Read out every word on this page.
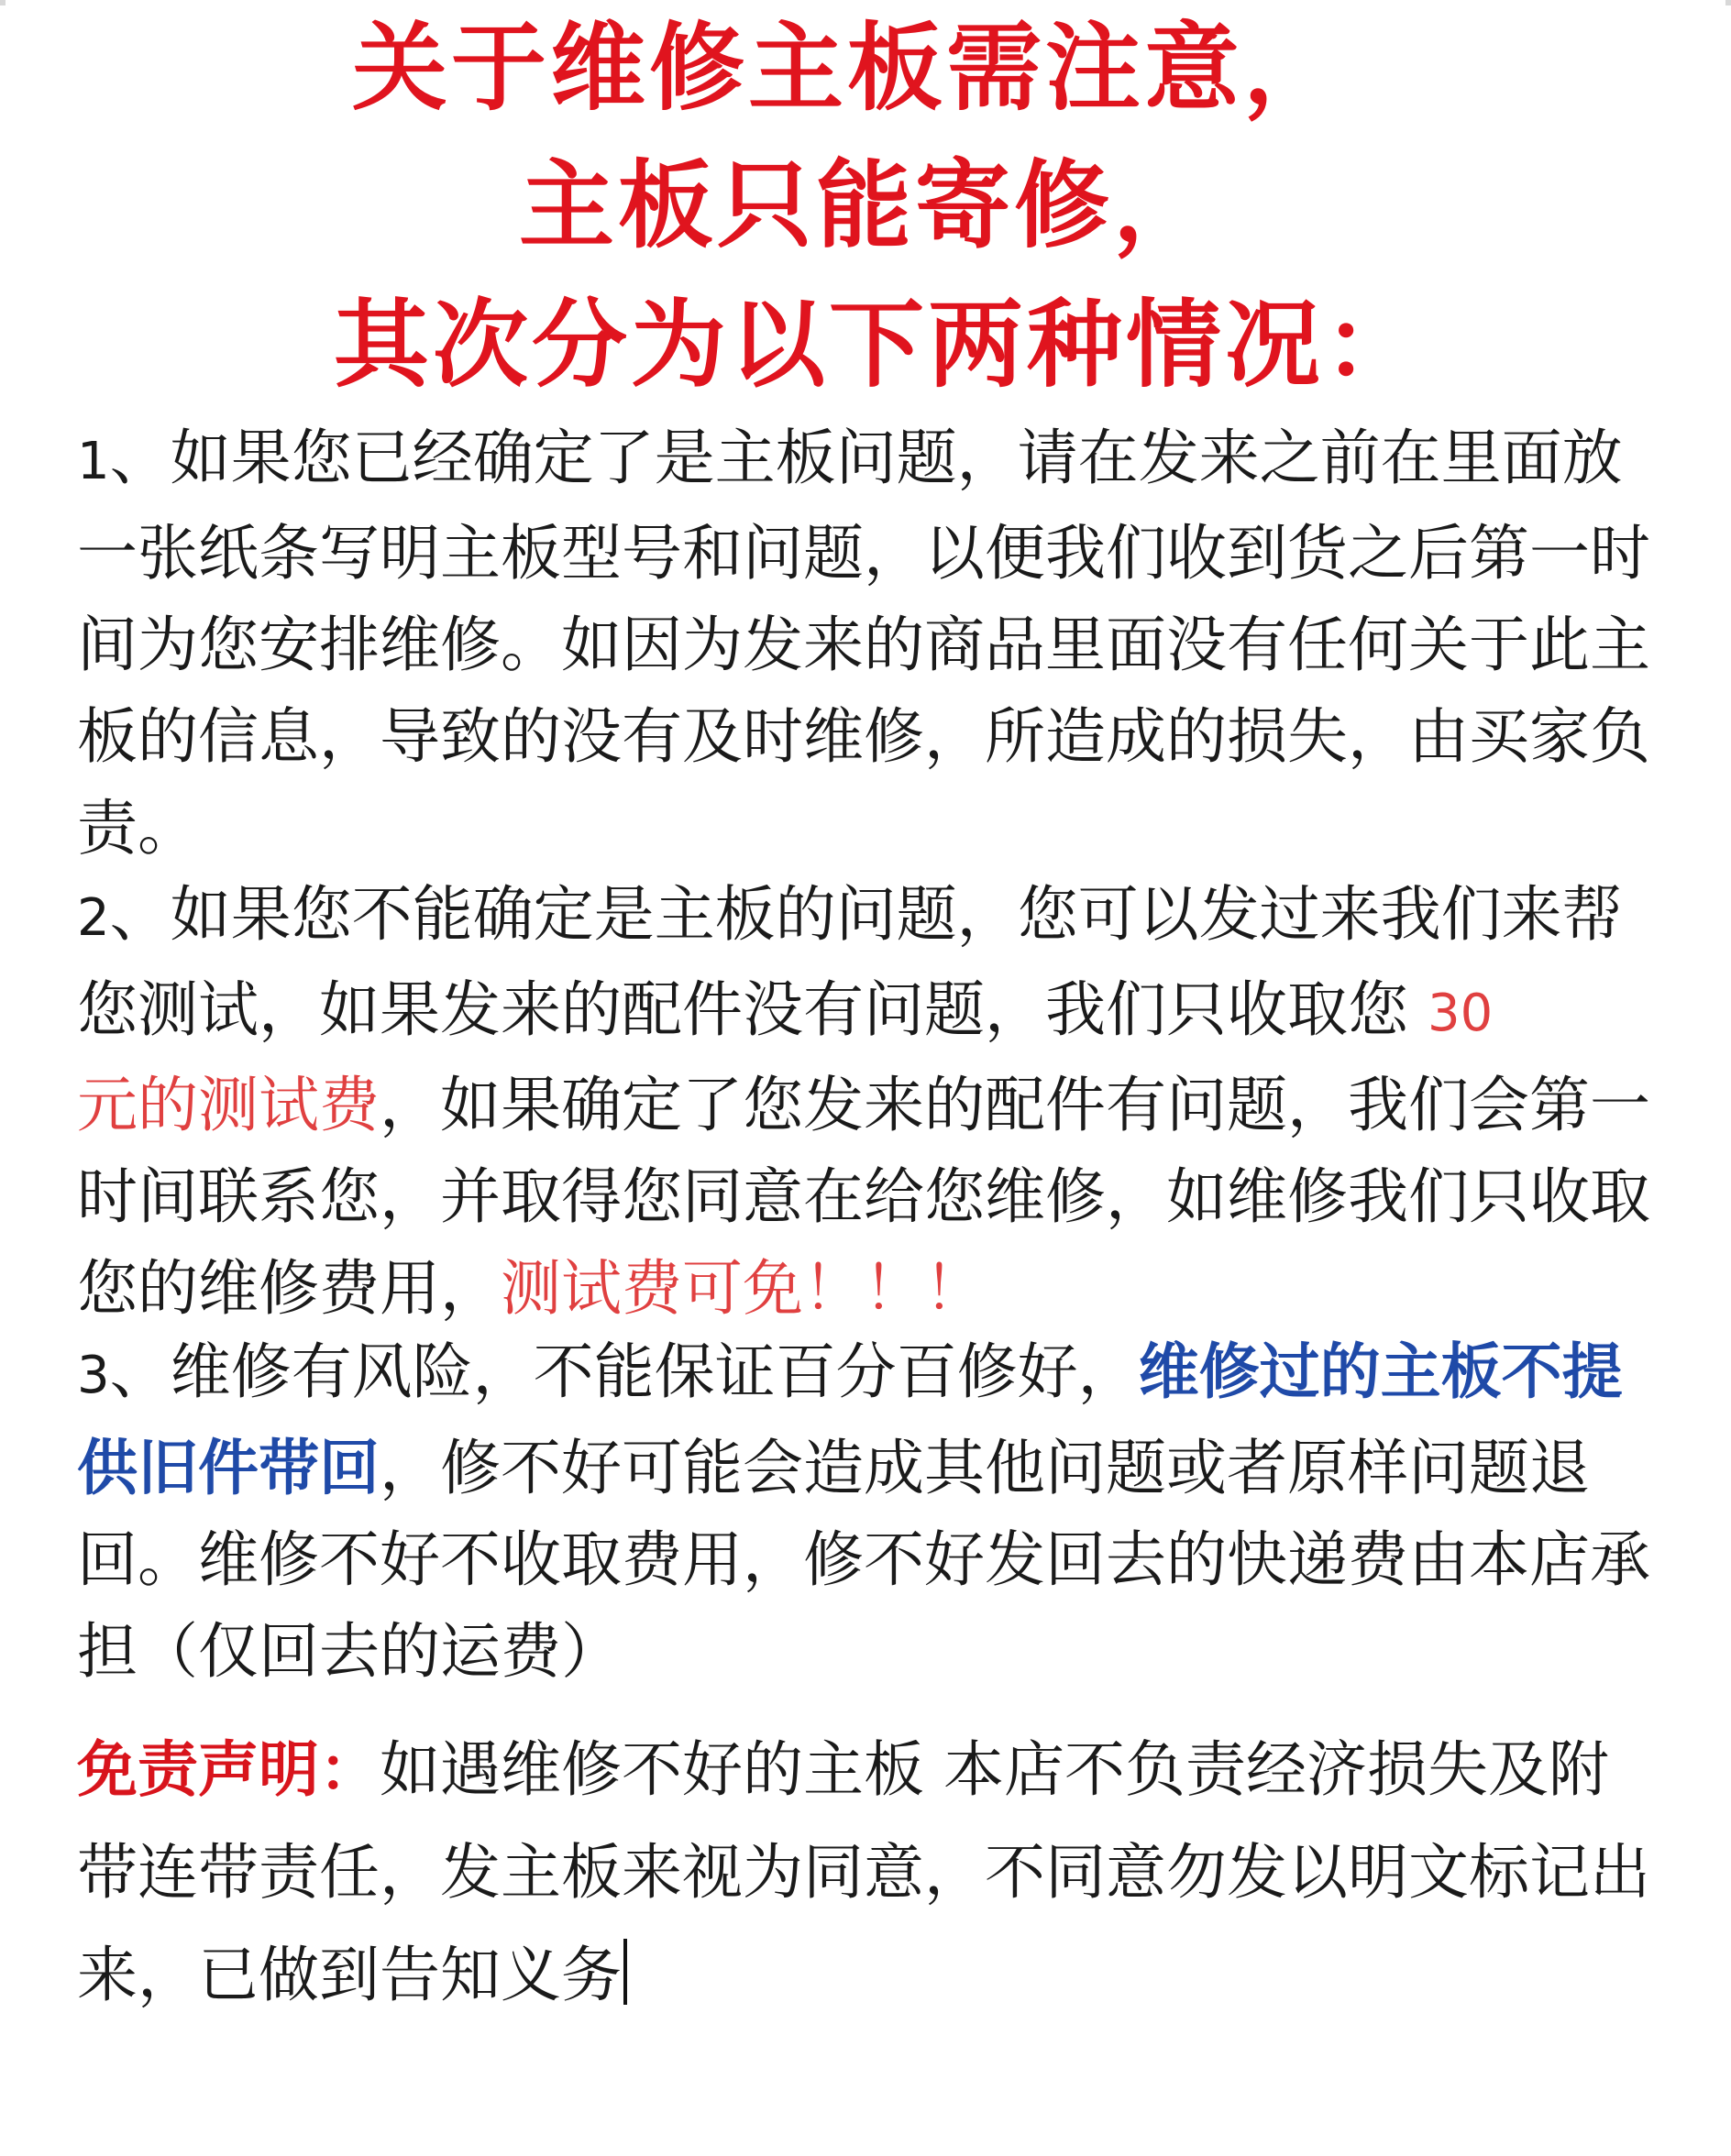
关于维修主板需注意，
主板只能寄修，
其次分为以下两种情况：
1、如果您已经确定了是主板问题，请在发来之前在里面放一张纸条写明主板型号和问题，以便我们收到货之后第一时间为您安排维修。如因为发来的商品里面没有任何关于此主板的信息，导致的没有及时维修，所造成的损失，由买家负责。
2、如果您不能确定是主板的问题，您可以发过来我们来帮您测试，如果发来的配件没有问题，我们只收取您 30
元的测试费，如果确定了您发来的配件有问题，我们会第一时间联系您，并取得您同意在给您维修，如维修我们只收取您的维修费用，测试费可免！！！
3、维修有风险，不能保证百分百修好，维修过的主板不提供旧件带回，修不好可能会造成其他问题或者原样问题退回。维修不好不收取费用，修不好发回去的快递费由本店承担（仅回去的运费）
免责声明：如遇维修不好的主板 本店不负责经济损失及附带连带责任，发主板来视为同意，不同意勿发以明文标记出来，已做到告知义务
